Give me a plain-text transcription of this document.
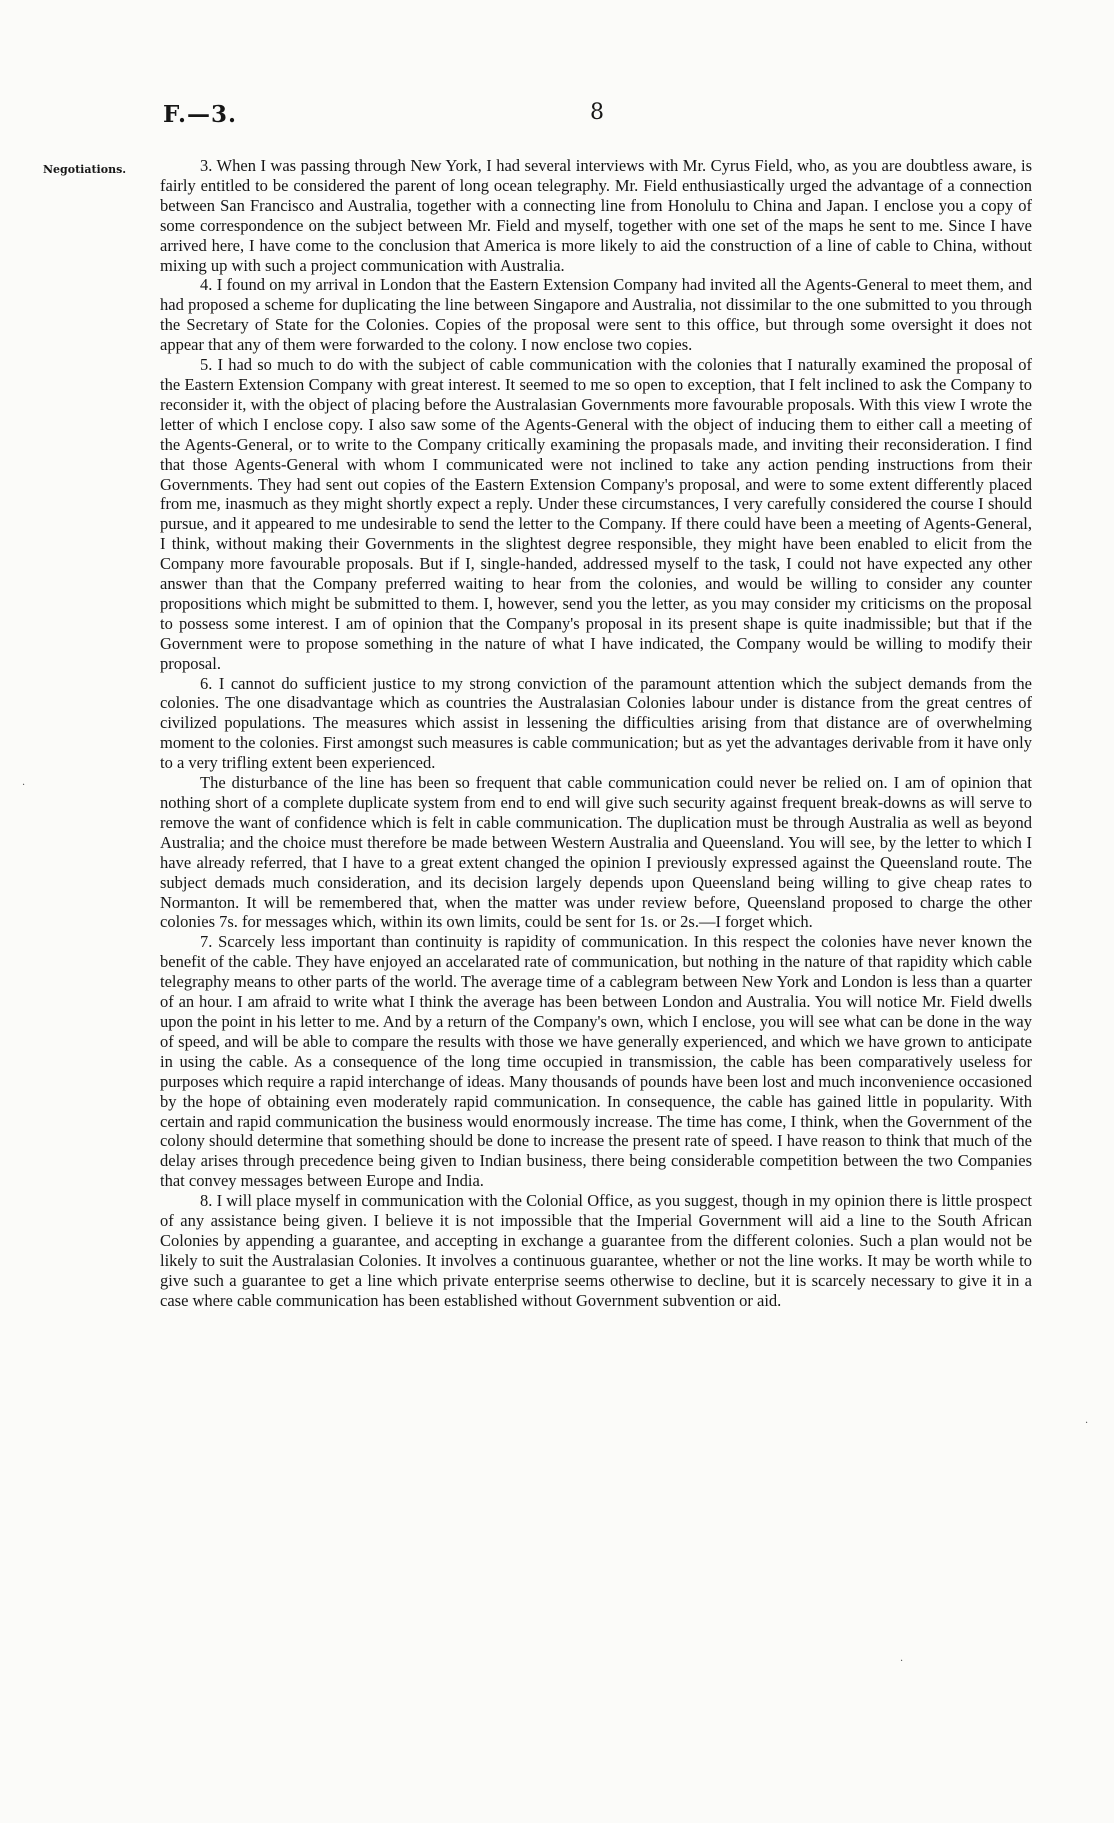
F.—3.	8
Negotiations.	3. When I was passing through New York, I had several interviews with Mr. Cyrus Field, who, as you are doubtless aware, is fairly entitled to be considered the parent of long ocean telegraphy. Mr. Field enthusiastically urged the advantage of a connection between San Francisco and Australia, together with a connecting line from Honolulu to China and Japan. I enclose you a copy of some correspondence on the subject between Mr. Field and myself, together with one set of the maps he sent to me. Since I have arrived here, I have come to the conclusion that America is more likely to aid the construction of a line of cable to China, without mixing up with such a project communication with Australia.

4. I found on my arrival in London that the Eastern Extension Company had invited all the Agents-General to meet them, and had proposed a scheme for duplicating the line between Singapore and Australia, not dissimilar to the one submitted to you through the Secretary of State for the Colonies. Copies of the proposal were sent to this office, but through some oversight it does not appear that any of them were forwarded to the colony. I now enclose two copies.

5. I had so much to do with the subject of cable communication with the colonies that I naturally examined the proposal of the Eastern Extension Company with great interest. It seemed to me so open to exception, that I felt inclined to ask the Company to reconsider it, with the object of placing before the Australasian Governments more favourable proposals. With this view I wrote the letter of which I enclose copy. I also saw some of the Agents-General with the object of inducing them to either call a meeting of the Agents-General, or to write to the Company critically examining the propasals made, and inviting their reconsideration. I find that those Agents-General with whom I communicated were not inclined to take any action pending instructions from their Governments. They had sent out copies of the Eastern Extension Company's proposal, and were to some extent differently placed from me, inasmuch as they might shortly expect a reply. Under these circumstances, I very carefully considered the course I should pursue, and it appeared to me undesirable to send the letter to the Company. If there could have been a meeting of Agents-General, I think, without making their Governments in the slightest degree responsible, they might have been enabled to elicit from the Company more favourable proposals. But if I, single-handed, addressed myself to the task, I could not have expected any other answer than that the Company preferred waiting to hear from the colonies, and would be willing to consider any counter propositions which might be submitted to them. I, however, send you the letter, as you may consider my criticisms on the proposal to possess some interest. I am of opinion that the Company's proposal in its present shape is quite inadmissible; but that if the Government were to propose something in the nature of what I have indicated, the Company would be willing to modify their proposal.

6. I cannot do sufficient justice to my strong conviction of the paramount attention which the subject demands from the colonies. The one disadvantage which as countries the Australasian Colonies labour under is distance from the great centres of civilized populations. The measures which assist in lessening the difficulties arising from that distance are of overwhelming moment to the colonies. First amongst such measures is cable communication; but as yet the advantages derivable from it have only to a very trifling extent been experienced.

The disturbance of the line has been so frequent that cable communication could never be relied on. I am of opinion that nothing short of a complete duplicate system from end to end will give such security against frequent break-downs as will serve to remove the want of confidence which is felt in cable communication. The duplication must be through Australia as well as beyond Australia; and the choice must therefore be made between Western Australia and Queensland. You will see, by the letter to which I have already referred, that I have to a great extent changed the opinion I previously expressed against the Queensland route. The subject demads much consideration, and its decision largely depends upon Queensland being willing to give cheap rates to Normanton. It will be remembered that, when the matter was under review before, Queensland proposed to charge the other colonies 7s. for messages which, within its own limits, could be sent for 1s. or 2s.—I forget which.

7. Scarcely less important than continuity is rapidity of communication. In this respect the colonies have never known the benefit of the cable. They have enjoyed an accelarated rate of communication, but nothing in the nature of that rapidity which cable telegraphy means to other parts of the world. The average time of a cablegram between New York and London is less than a quarter of an hour. I am afraid to write what I think the average has been between London and Australia. You will notice Mr. Field dwells upon the point in his letter to me. And by a return of the Company's own, which I enclose, you will see what can be done in the way of speed, and will be able to compare the results with those we have generally experienced, and which we have grown to anticipate in using the cable. As a consequence of the long time occupied in transmission, the cable has been comparatively useless for purposes which require a rapid interchange of ideas. Many thousands of pounds have been lost and much inconvenience occasioned by the hope of obtaining even moderately rapid communication. In consequence, the cable has gained little in popularity. With certain and rapid communication the business would enormously increase. The time has come, I think, when the Government of the colony should determine that something should be done to increase the present rate of speed. I have reason to think that much of the delay arises through precedence being given to Indian business, there being considerable competition between the two Companies that convey messages between Europe and India.

8. I will place myself in communication with the Colonial Office, as you suggest, though in my opinion there is little prospect of any assistance being given. I believe it is not impossible that the Imperial Government will aid a line to the South African Colonies by appending a guarantee, and accepting in exchange a guarantee from the different colonies. Such a plan would not be likely to suit the Australasian Colonies. It involves a continuous guarantee, whether or not the line works. It may be worth while to give such a guarantee to get a line which private enterprise seems otherwise to decline, but it is scarcely necessary to give it in a case where cable communication has been established without Government subvention or aid.

·
·
·
